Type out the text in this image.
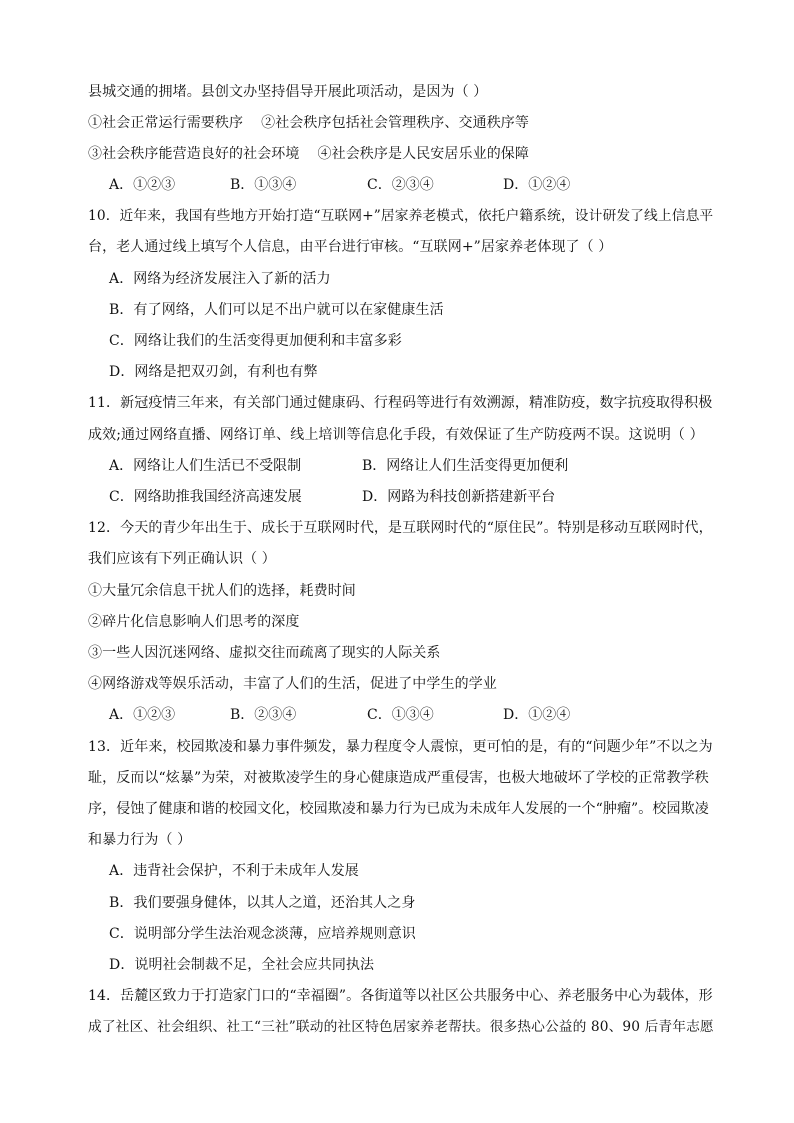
县城交通的拥堵。县创文办坚持倡导开展此项活动，是因为（ ）
①社会正常运行需要秩序 ②社会秩序包括社会管理秩序、交通秩序等
③社会秩序能营造良好的社会环境 ④社会秩序是人民安居乐业的保障
A．①②③	B．①③④	C．②③④	D．①②④
10．近年来，我国有些地方开始打造“互联网+”居家养老模式，依托户籍系统，设计研发了线上信息平
台，老人通过线上填写个人信息，由平台进行审核。“互联网+”居家养老体现了（ ）
A．网络为经济发展注入了新的活力
B．有了网络，人们可以足不出户就可以在家健康生活
C．网络让我们的生活变得更加便利和丰富多彩
D．网络是把双刃剑，有利也有弊
11．新冠疫情三年来，有关部门通过健康码、行程码等进行有效溯源，精准防疫，数字抗疫取得积极
成效;通过网络直播、网络订单、线上培训等信息化手段，有效保证了生产防疫两不误。这说明（ ）
A．网络让人们生活已不受限制	B．网络让人们生活变得更加便利
C．网络助推我国经济高速发展	D．网路为科技创新搭建新平台
12．今天的青少年出生于、成长于互联网时代，是互联网时代的“原住民”。特别是移动互联网时代，
我们应该有下列正确认识（ ）
①大量冗余信息干扰人们的选择，耗费时间
②碎片化信息影响人们思考的深度
③一些人因沉迷网络、虚拟交往而疏离了现实的人际关系
④网络游戏等娱乐活动，丰富了人们的生活，促进了中学生的学业
A．①②③	B．②③④	C．①③④	D．①②④
13．近年来，校园欺凌和暴力事件频发，暴力程度令人震惊，更可怕的是，有的“问题少年”不以之为
耻，反而以“炫暴”为荣，对被欺凌学生的身心健康造成严重侵害，也极大地破坏了学校的正常教学秩
序，侵蚀了健康和谐的校园文化，校园欺凌和暴力行为已成为未成年人发展的一个“肿瘤”。校园欺凌
和暴力行为（ ）
A．违背社会保护，不利于未成年人发展
B．我们要强身健体，以其人之道，还治其人之身
C．说明部分学生法治观念淡薄，应培养规则意识
D．说明社会制裁不足，全社会应共同执法
14．岳麓区致力于打造家门口的“幸福圈”。各街道等以社区公共服务中心、养老服务中心为载体，形
成了社区、社会组织、社工“三社”联动的社区特色居家养老帮扶。很多热心公益的 80、90 后青年志愿
